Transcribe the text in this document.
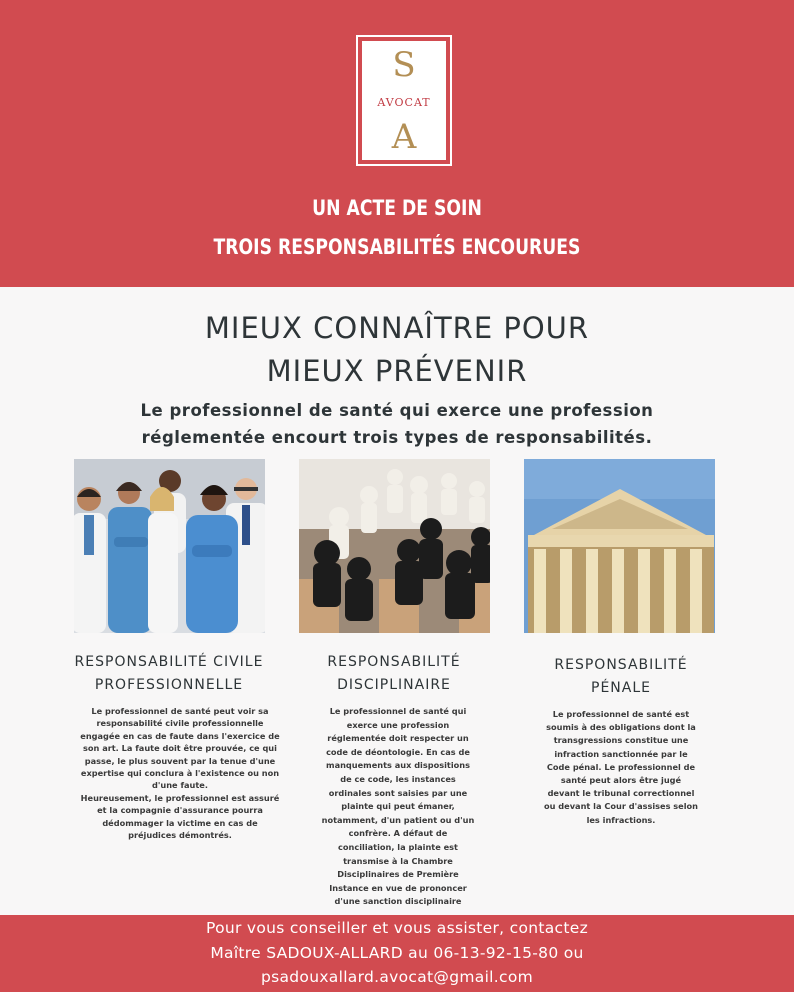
S
AVOCAT
A
UN ACTE DE SOIN
TROIS RESPONSABILITÉS ENCOURUES
MIEUX CONNAÎTRE POUR
MIEUX PRÉVENIR
Le professionnel de santé qui exerce une profession
réglementée encourt trois types de responsabilités.
RESPONSABILITÉ CIVILE
PROFESSIONNELLE
Le professionnel de santé peut voir sa
responsabilité civile professionnelle
engagée en cas de faute dans l'exercice de
son art. La faute doit être prouvée, ce qui
passe, le plus souvent par la tenue d'une
expertise qui conclura à l'existence ou non
d'une faute.
Heureusement, le professionnel est assuré
et la compagnie d'assurance pourra
dédommager la victime en cas de
préjudices démontrés.
RESPONSABILITÉ
DISCIPLINAIRE
Le professionnel de santé qui
exerce une profession
réglementée doit respecter un
code de déontologie. En cas de
manquements aux dispositions
de ce code, les instances
ordinales sont saisies par une
plainte qui peut émaner,
notamment, d'un patient ou d'un
confrère. A défaut de
conciliation, la plainte est
transmise à la Chambre
Disciplinaires de Première
Instance en vue de prononcer
d'une sanction disciplinaire
RESPONSABILITÉ
PÉNALE
Le professionnel de santé est
soumis à des obligations dont la
transgressions constitue une
infraction sanctionnée par le
Code pénal. Le professionnel de
santé peut alors être jugé
devant le tribunal correctionnel
ou devant la Cour d'assises selon
les infractions.
Pour vous conseiller et vous assister, contactez
Maître SADOUX-ALLARD au 06-13-92-15-80 ou
psadouxallard.avocat@gmail.com
